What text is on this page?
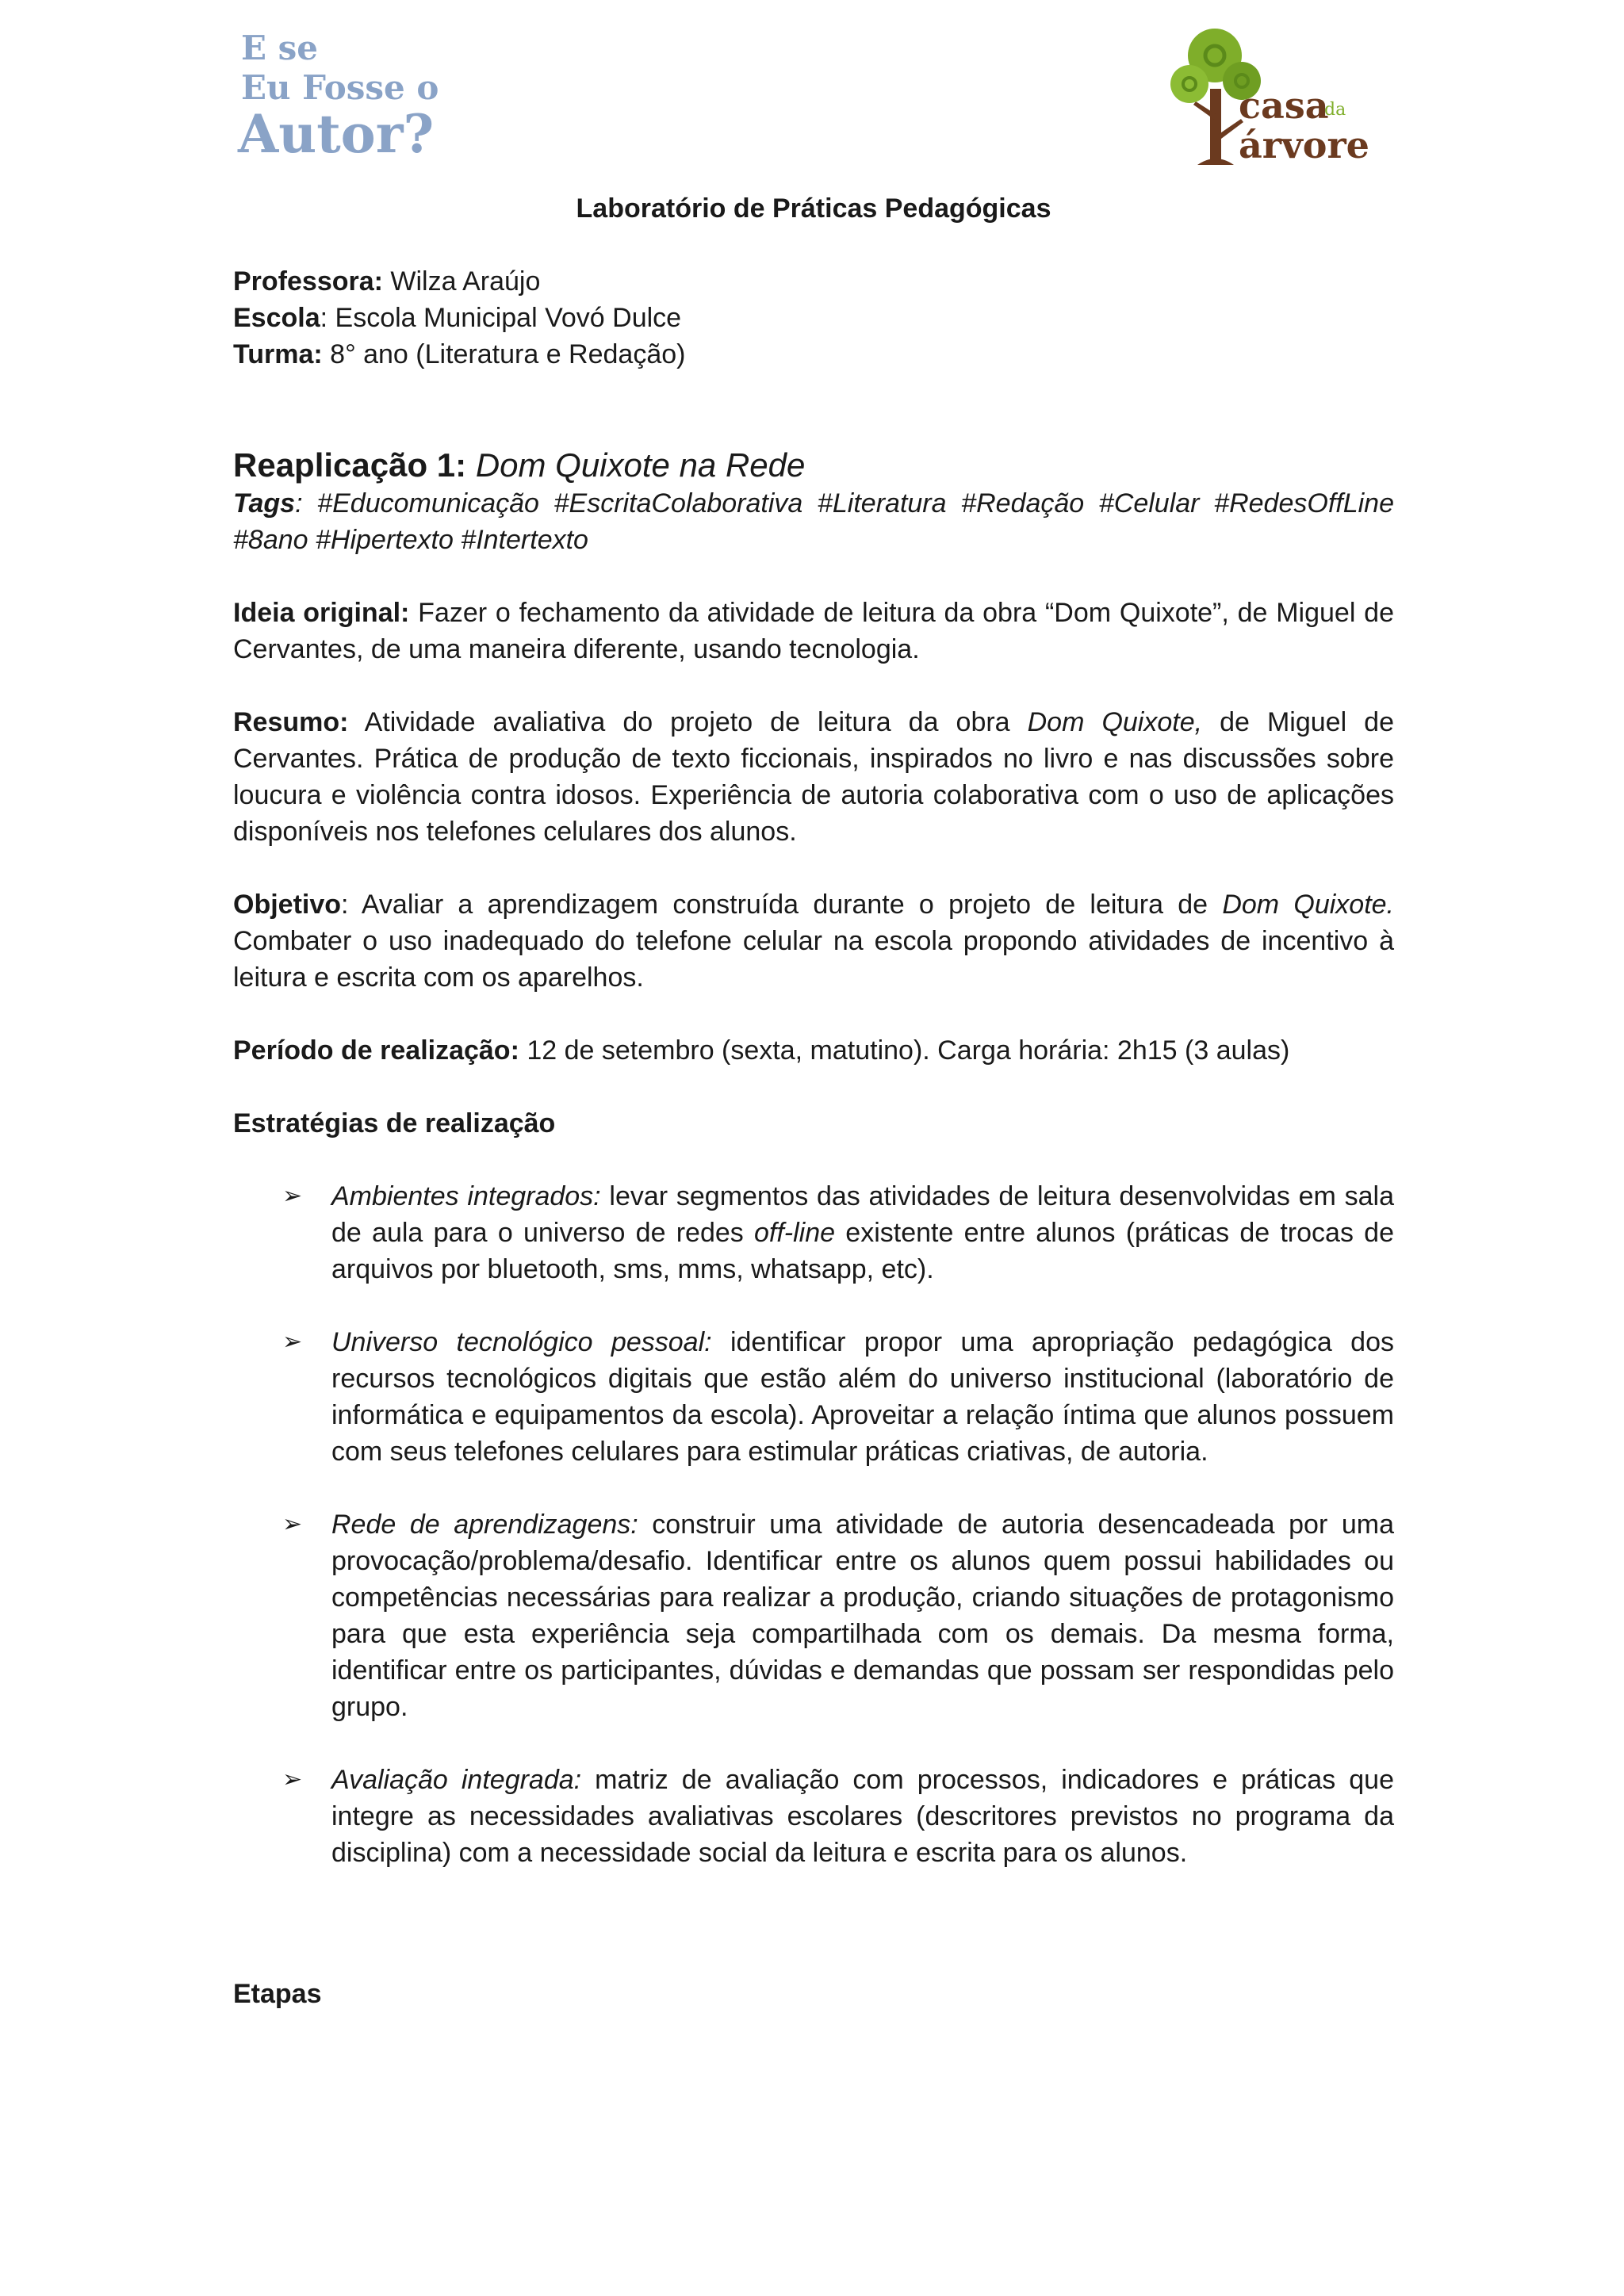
E se
Eu Fosse o
Autor?	casa
da
árvore

Laboratório de Práticas Pedagógicas

Professora: Wilza Araújo

Escola: Escola Municipal Vovó Dulce

Turma: 8° ano (Literatura e Redação)

Reaplicação 1: Dom Quixote na Rede

Tags: #Educomunicação #EscritaColaborativa #Literatura #Redação #Celular #RedesOffLine #8ano #Hipertexto #Intertexto

Ideia original: Fazer o fechamento da atividade de leitura da obra “Dom Quixote”, de Miguel de Cervantes, de uma maneira diferente, usando tecnologia.

Resumo: Atividade avaliativa do projeto de leitura da obra Dom Quixote, de Miguel de Cervantes. Prática de produção de texto ficcionais, inspirados no livro e nas discussões sobre loucura e violência contra idosos. Experiência de autoria colaborativa com o uso de aplicações disponíveis nos telefones celulares dos alunos.

Objetivo: Avaliar a aprendizagem construída durante o projeto de leitura de Dom Quixote. Combater o uso inadequado do telefone celular na escola propondo atividades de incentivo à leitura e escrita com os aparelhos.

Período de realização: 12 de setembro (sexta, matutino). Carga horária: 2h15 (3 aulas)

Estratégias de realização

➢ Ambientes integrados: levar segmentos das atividades de leitura desenvolvidas em sala de aula para o universo de redes off-line existente entre alunos (práticas de trocas de arquivos por bluetooth, sms, mms, whatsapp, etc).
➢ Universo tecnológico pessoal: identificar propor uma apropriação pedagógica dos recursos tecnológicos digitais que estão além do universo institucional (laboratório de informática e equipamentos da escola). Aproveitar a relação íntima que alunos possuem com seus telefones celulares para estimular práticas criativas, de autoria.
➢ Rede de aprendizagens: construir uma atividade de autoria desencadeada por uma provocação/problema/desafio. Identificar entre os alunos quem possui habilidades ou competências necessárias para realizar a produção, criando situações de protagonismo para que esta experiência seja compartilhada com os demais. Da mesma forma, identificar entre os participantes, dúvidas e demandas que possam ser respondidas pelo grupo.
➢ Avaliação integrada: matriz de avaliação com processos, indicadores e práticas que integre as necessidades avaliativas escolares (descritores previstos no programa da disciplina) com a necessidade social da leitura e escrita para os alunos.

Etapas
